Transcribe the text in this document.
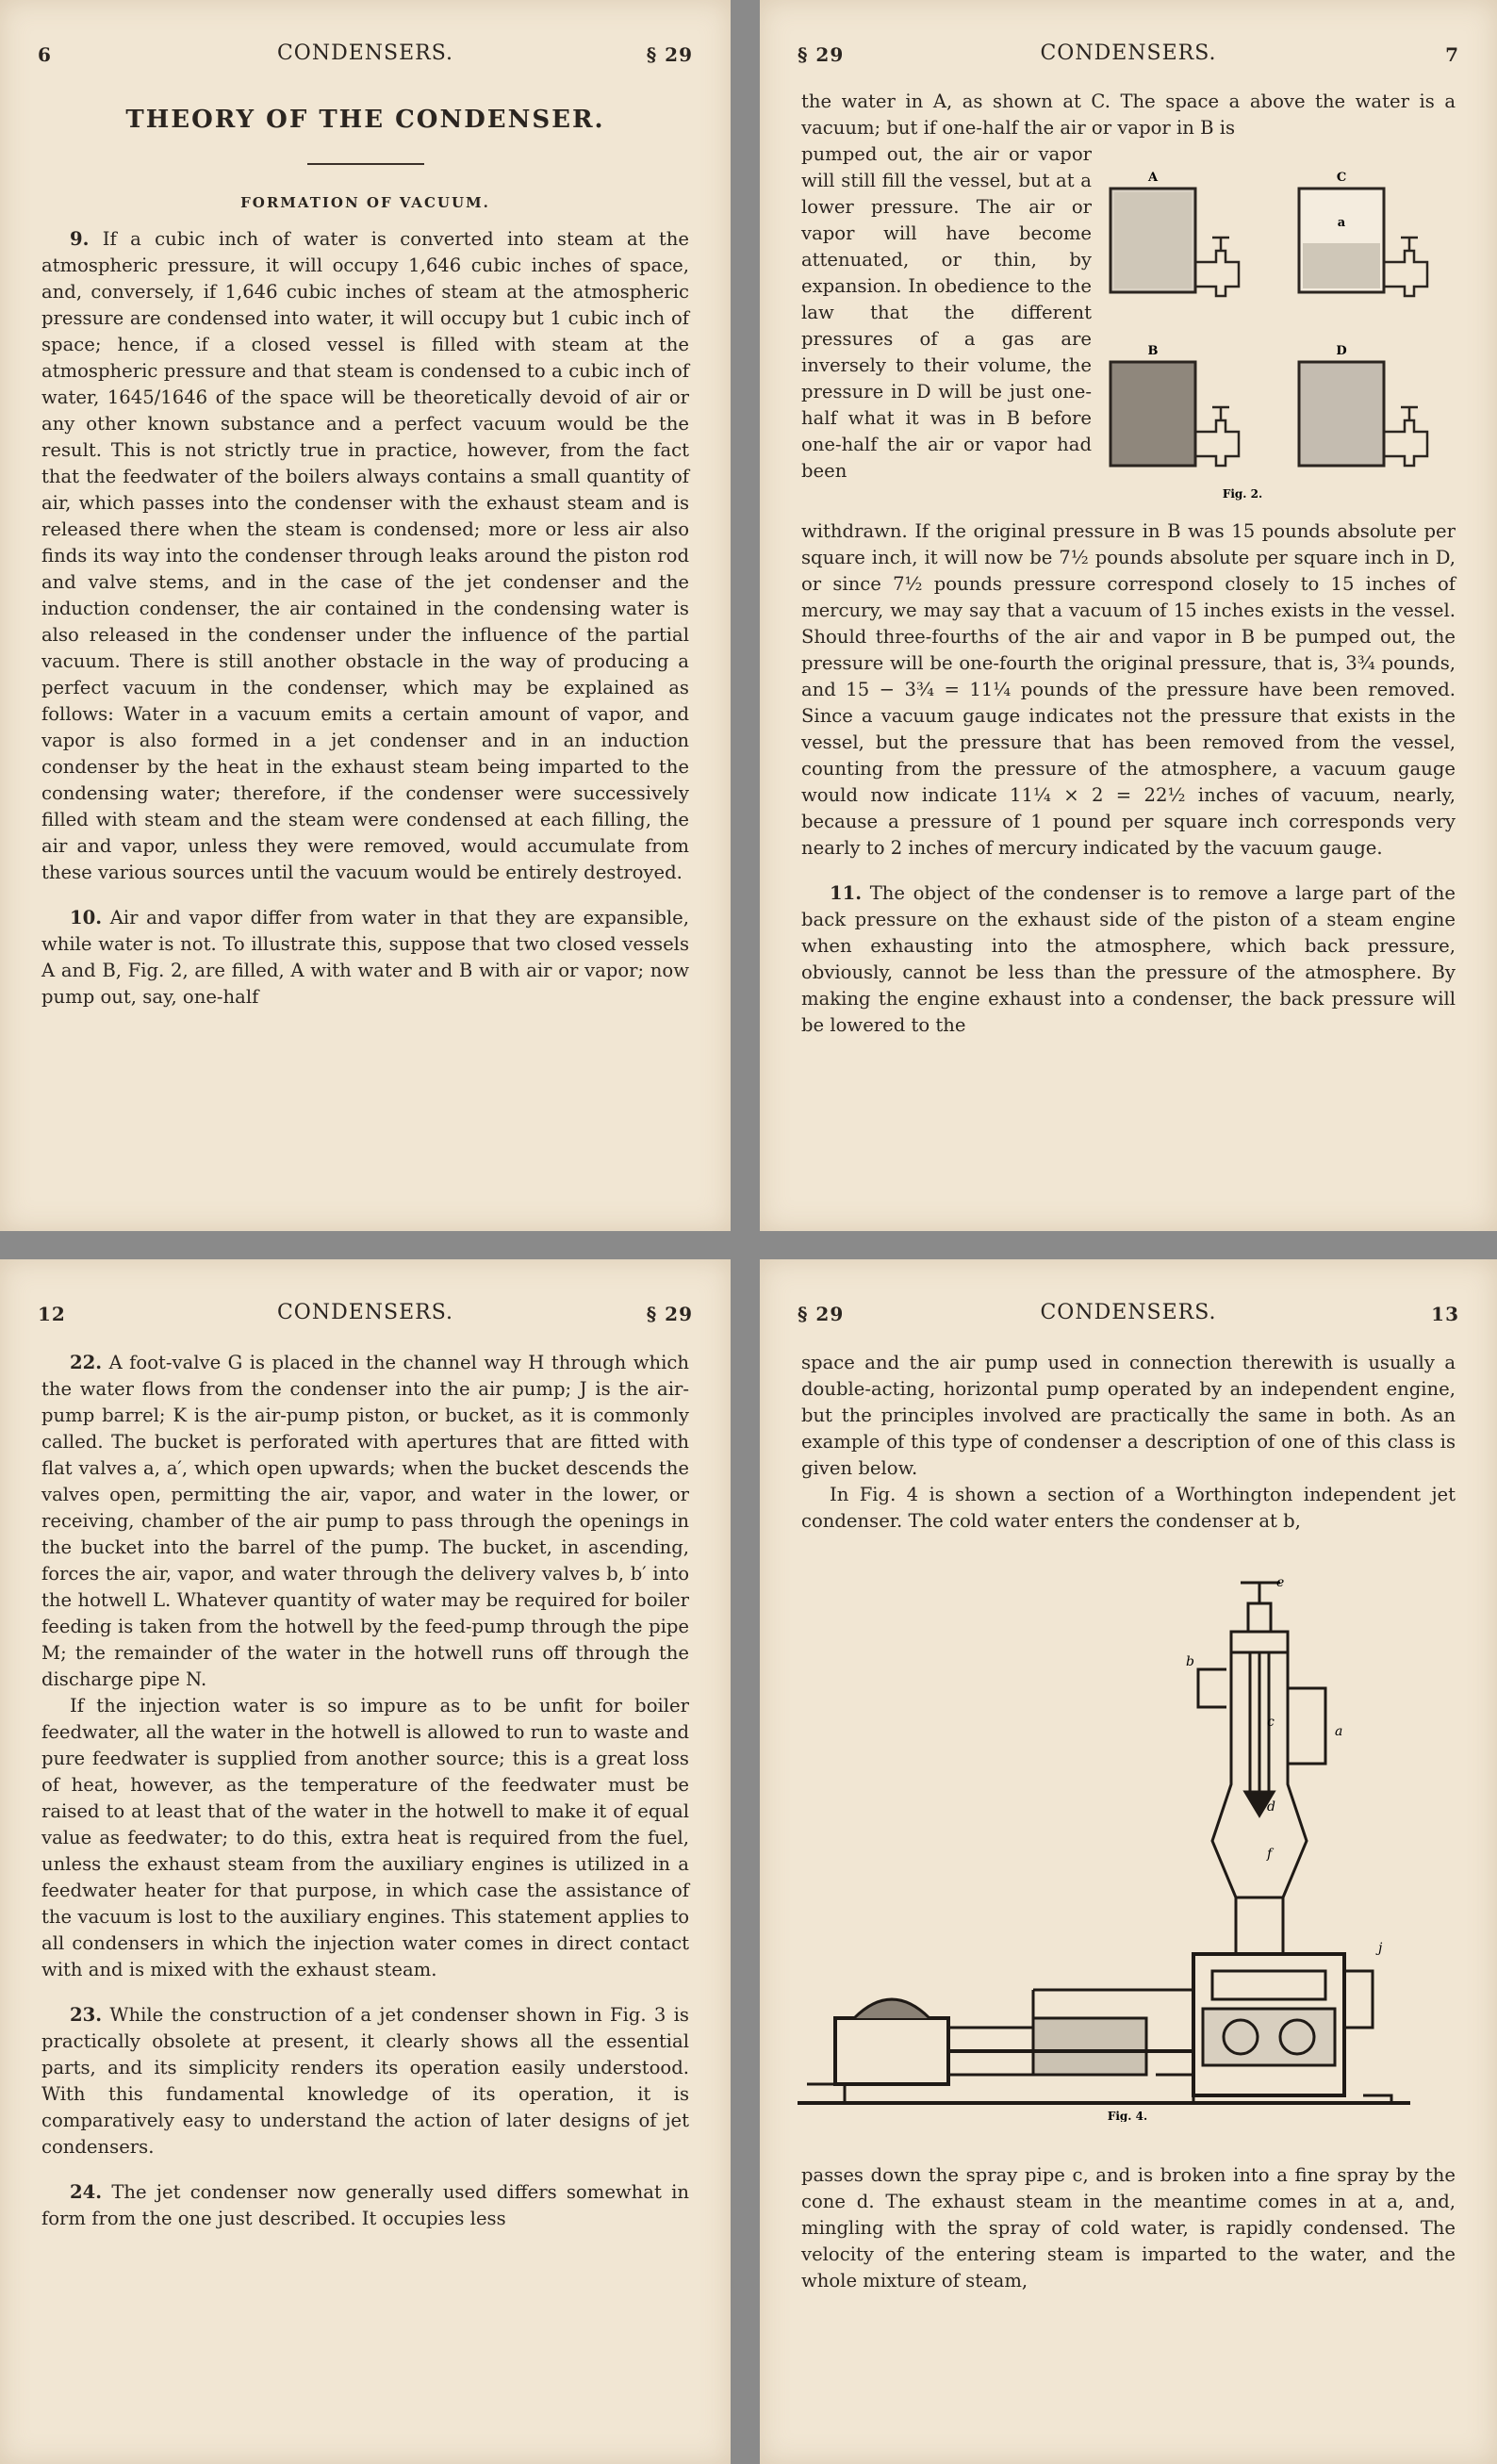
6	CONDENSERS.	§ 29
THEORY OF THE CONDENSER.
FORMATION OF VACUUM.

9. If a cubic inch of water is converted into steam at the atmospheric pressure, it will occupy 1,646 cubic inches of space, and, conversely, if 1,646 cubic inches of steam at the atmospheric pressure are condensed into water, it will occupy but 1 cubic inch of space; hence, if a closed vessel is filled with steam at the atmospheric pressure and that steam is condensed to a cubic inch of water, 1645/1646 of the space will be theoretically devoid of air or any other known substance and a perfect vacuum would be the result. This is not strictly true in practice, however, from the fact that the feedwater of the boilers always contains a small quantity of air, which passes into the condenser with the exhaust steam and is released there when the steam is condensed; more or less air also finds its way into the condenser through leaks around the piston rod and valve stems, and in the case of the jet condenser and the induction condenser, the air contained in the condensing water is also released in the condenser under the influence of the partial vacuum. There is still another obstacle in the way of producing a perfect vacuum in the condenser, which may be explained as follows: Water in a vacuum emits a certain amount of vapor, and vapor is also formed in a jet condenser and in an induction condenser by the heat in the exhaust steam being imparted to the condensing water; therefore, if the condenser were successively filled with steam and the steam were condensed at each filling, the air and vapor, unless they were removed, would accumulate from these various sources until the vacuum would be entirely destroyed.

10. Air and vapor differ from water in that they are expansible, while water is not. To illustrate this, suppose that two closed vessels A and B, Fig. 2, are filled, A with water and B with air or vapor; now pump out, say, one-half

§ 29	CONDENSERS.	7
the water in A, as shown at C. The space a above the water is a vacuum; but if one-half the air or vapor in B is
pumped out, the air or vapor will still fill the vessel, but at a lower pressure. The air or vapor will have become attenuated, or thin, by expansion. In obedience to the law that the different pressures of a gas are inversely to their volume, the pressure in D will be just one-half what it was in B before one-half the air or vapor had been
A	C
B	D
a
Fig. 2.

withdrawn. If the original pressure in B was 15 pounds absolute per square inch, it will now be 7½ pounds absolute per square inch in D, or since 7½ pounds pressure correspond closely to 15 inches of mercury, we may say that a vacuum of 15 inches exists in the vessel. Should three-fourths of the air and vapor in B be pumped out, the pressure will be one-fourth the original pressure, that is, 3¾ pounds, and 15 − 3¾ = 11¼ pounds of the pressure have been removed. Since a vacuum gauge indicates not the pressure that exists in the vessel, but the pressure that has been removed from the vessel, counting from the pressure of the atmosphere, a vacuum gauge would now indicate 11¼ × 2 = 22½ inches of vacuum, nearly, because a pressure of 1 pound per square inch corresponds very nearly to 2 inches of mercury indicated by the vacuum gauge.

11. The object of the condenser is to remove a large part of the back pressure on the exhaust side of the piston of a steam engine when exhausting into the atmosphere, which back pressure, obviously, cannot be less than the pressure of the atmosphere. By making the engine exhaust into a condenser, the back pressure will be lowered to the

12	CONDENSERS.	§ 29

22. A foot-valve G is placed in the channel way H through which the water flows from the condenser into the air pump; J is the air-pump barrel; K is the air-pump piston, or bucket, as it is commonly called. The bucket is perforated with apertures that are fitted with flat valves a, a′, which open upwards; when the bucket descends the valves open, permitting the air, vapor, and water in the lower, or receiving, chamber of the air pump to pass through the openings in the bucket into the barrel of the pump. The bucket, in ascending, forces the air, vapor, and water through the delivery valves b, b′ into the hotwell L. Whatever quantity of water may be required for boiler feeding is taken from the hotwell by the feed-pump through the pipe M; the remainder of the water in the hotwell runs off through the discharge pipe N.

If the injection water is so impure as to be unfit for boiler feedwater, all the water in the hotwell is allowed to run to waste and pure feedwater is supplied from another source; this is a great loss of heat, however, as the temperature of the feedwater must be raised to at least that of the water in the hotwell to make it of equal value as feedwater; to do this, extra heat is required from the fuel, unless the exhaust steam from the auxiliary engines is utilized in a feedwater heater for that purpose, in which case the assistance of the vacuum is lost to the auxiliary engines. This statement applies to all condensers in which the injection water comes in direct contact with and is mixed with the exhaust steam.

23. While the construction of a jet condenser shown in Fig. 3 is practically obsolete at present, it clearly shows all the essential parts, and its simplicity renders its operation easily understood. With this fundamental knowledge of its operation, it is comparatively easy to understand the action of later designs of jet condensers.

24. The jet condenser now generally used differs somewhat in form from the one just described. It occupies less

§ 29	CONDENSERS.	13

space and the air pump used in connection therewith is usually a double-acting, horizontal pump operated by an independent engine, but the principles involved are practically the same in both. As an example of this type of condenser a description of one of this class is given below.

In Fig. 4 is shown a section of a Worthington independent jet condenser. The cold water enters the condenser at b,

e
a
f
j
c
d
b
Fig. 4.

passes down the spray pipe c, and is broken into a fine spray by the cone d. The exhaust steam in the meantime comes in at a, and, mingling with the spray of cold water, is rapidly condensed. The velocity of the entering steam is imparted to the water, and the whole mixture of steam,
